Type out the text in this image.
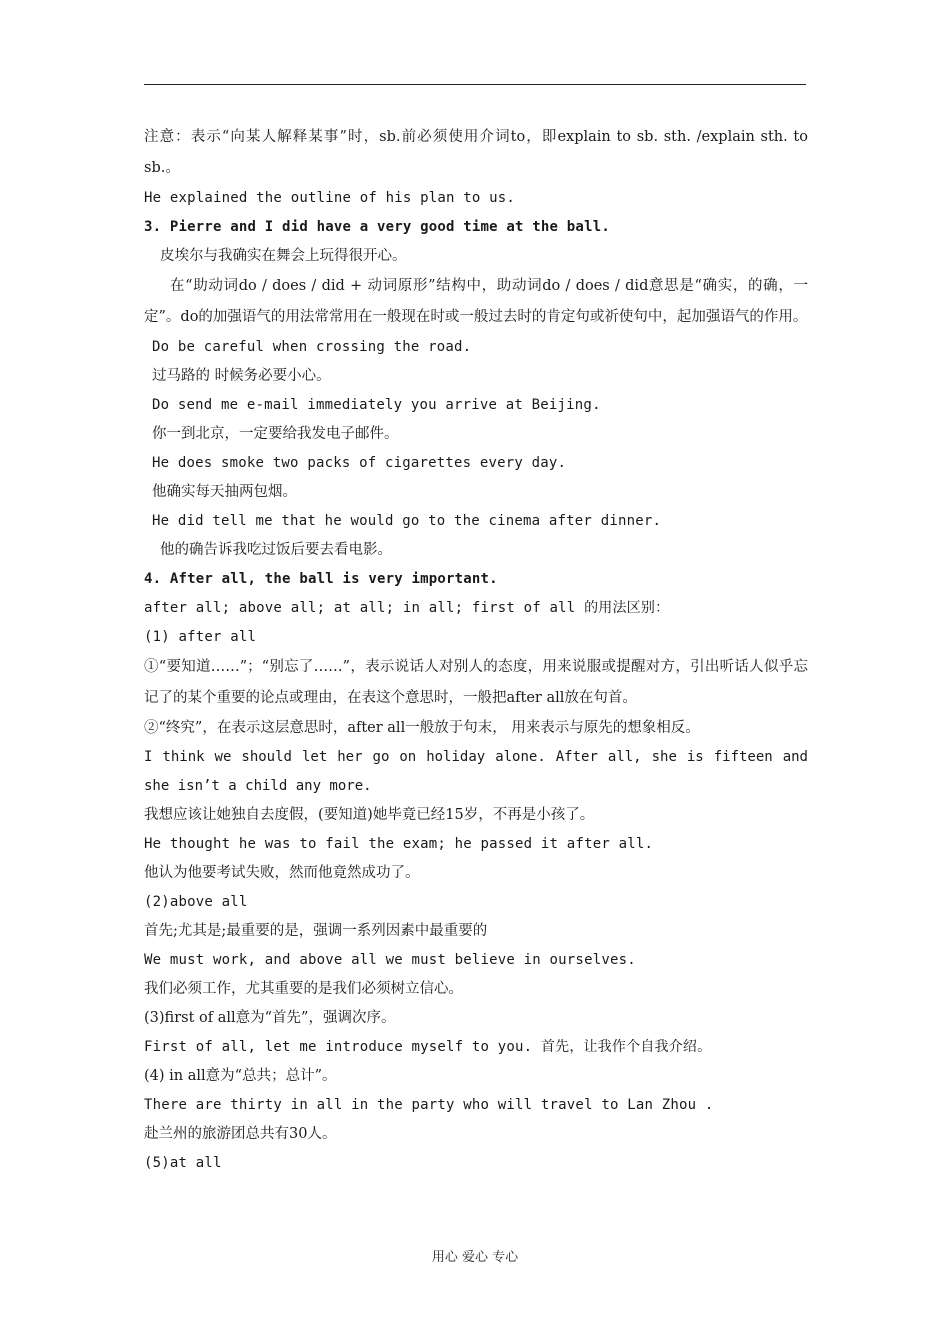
注意：表示“向某人解释某事”时，sb.前必须使用介词to，即explain to sb. sth. /explain sth. to sb.。
He explained the outline of his plan to us.
3. Pierre and I did have a very good time at the ball.
皮埃尔与我确实在舞会上玩得很开心。
在“助动词do / does / did + 动词原形”结构中，助动词do / does / did意思是“确实，的确，一定”。do的加强语气的用法常常用在一般现在时或一般过去时的肯定句或祈使句中，起加强语气的作用。
Do be careful when crossing the road.
过马路的 时候务必要小心。
Do send me e-mail immediately you arrive at Beijing.
你一到北京，一定要给我发电子邮件。
He does smoke two packs of cigarettes every day.
他确实每天抽两包烟。
He did tell me that he would go to the cinema after dinner.
他的确告诉我吃过饭后要去看电影。
4. After all, the ball is very important.
after all; above all; at all; in all; first of all 的用法区别：
(1) after all
①“要知道……”；“别忘了……”，表示说话人对别人的态度，用来说服或提醒对方，引出听话人似乎忘记了的某个重要的论点或理由，在表这个意思时，一般把after all放在句首。
②“终究”，在表示这层意思时，after all一般放于句末， 用来表示与原先的想象相反。
I think we should let her go on holiday alone. After all, she is fifteen and she isn’t a child any more.
我想应该让她独自去度假，(要知道)她毕竟已经15岁，不再是小孩了。
He thought he was to fail the exam; he passed it after all.
他认为他要考试失败，然而他竟然成功了。
(2)above all
首先;尤其是;最重要的是，强调一系列因素中最重要的
We must work, and above all we must believe in ourselves.
我们必须工作，尤其重要的是我们必须树立信心。
(3)first of all意为“首先”，强调次序。
First of all, let me introduce myself to you. 首先，让我作个自我介绍。
(4) in all意为“总共；总计”。
There are thirty in all in the party who will travel to Lan Zhou .
赴兰州的旅游团总共有30人。
(5)at all
用心 爱心 专心
